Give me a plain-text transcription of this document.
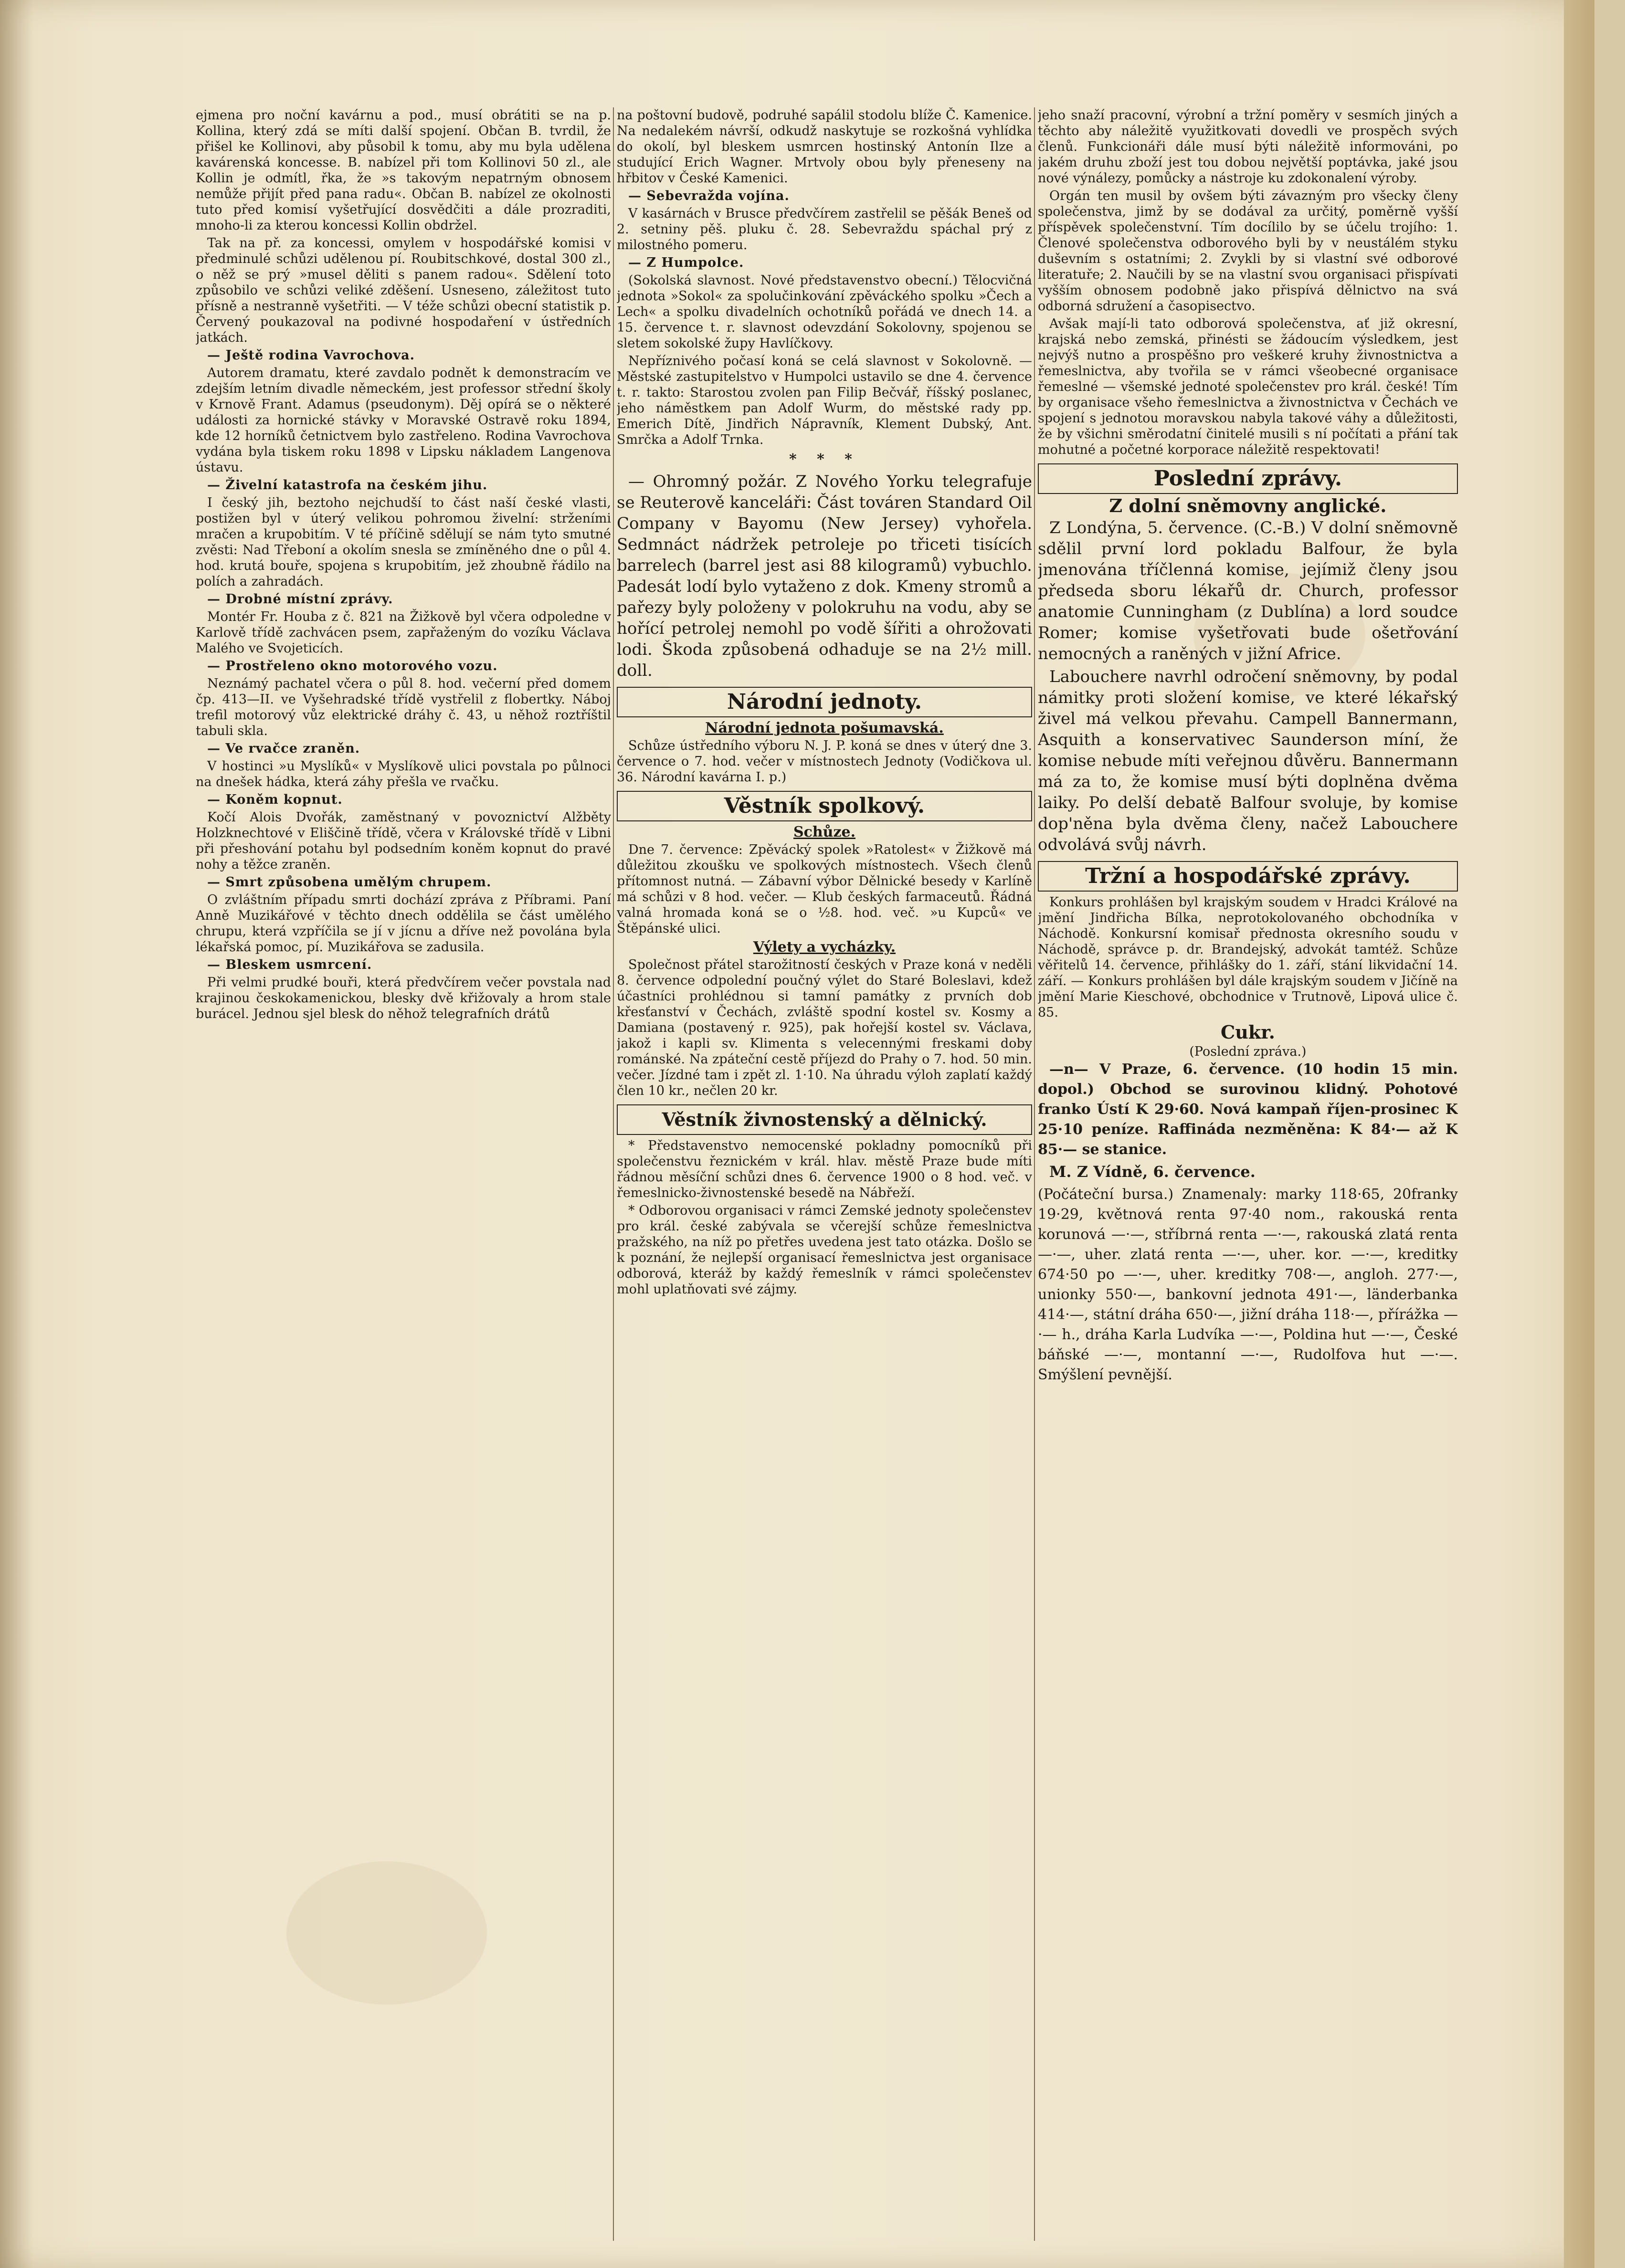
ejmena pro noční kavárnu a pod., musí obrátiti se na p. Kollina, který zdá se míti další spojení. Občan B. tvrdil, že přišel ke Kollinovi, aby působil k tomu, aby mu byla udělena kavárenská koncesse. B. nabízel při tom Kollinovi 50 zl., ale Kollin je odmítl, řka, že »s takovým nepatrným obnosem nemůže přijít před pana radu«. Občan B. nabízel ze okolnosti tuto před komisí vyšetřující dosvědčiti a dále prozraditi, mnoho-li za kterou koncessi Kollin obdržel.

Tak na př. za koncessi, omylem v hospodářské komisi v předminulé schůzi udělenou pí. Roubitschkové, dostal 300 zl., o něž se prý »musel děliti s panem radou«. Sdělení toto způsobilo ve schůzi veliké zděšení. Usneseno, záležitost tuto přísně a nestranně vyšetřiti. — V téže schůzi obecní statistik p. Červený poukazoval na podivné hospodaření v ústředních jatkách.

— Ještě rodina Vavrochova.

Autorem dramatu, které zavdalo podnět k demonstracím ve zdejším letním divadle německém, jest professor střední školy v Krnově Frant. Adamus (pseudonym). Děj opírá se o některé události za hornické stávky v Moravské Ostravě roku 1894, kde 12 horníků četnictvem bylo zastřeleno. Rodina Vavrochova vydána byla tiskem roku 1898 v Lipsku nákladem Langenova ústavu.

— Živelní katastrofa na českém jihu.

I český jih, beztoho nejchudší to část naší české vlasti, postižen byl v úterý velikou pohromou živelní: strženími mračen a krupobitím. V té příčině sdělují se nám tyto smutné zvěsti: Nad Třeboní a okolím snesla se zmíněného dne o půl 4. hod. krutá bouře, spojena s krupobitím, jež zhoubně řádilo na polích a zahradách.

— Drobné místní zprávy.

Montér Fr. Houba z č. 821 na Žižkově byl včera odpoledne v Karlově třídě zachvácen psem, zapřaženým do vozíku Václava Malého ve Svojeticích.

— Prostřeleno okno motorového vozu.

Neznámý pachatel včera o půl 8. hod. večerní před domem čp. 413—II. ve Vyšehradské třídě vystřelil z flobertky. Náboj trefil motorový vůz elektrické dráhy č. 43, u něhož roztříštil tabuli skla.

— Ve rvačce zraněn.

V hostinci »u Myslíků« v Myslíkově ulici povstala po půlnoci na dnešek hádka, která záhy přešla ve rvačku.

— Koněm kopnut.

Kočí Alois Dvořák, zaměstnaný v povoznictví Alžběty Holzknechtové v Eliščině třídě, včera v Královské třídě v Libni při přeshování potahu byl podsedním koněm kopnut do pravé nohy a těžce zraněn.

— Smrt způsobena umělým chrupem.

O zvláštním případu smrti dochází zpráva z Příbrami. Paní Anně Muzikářové v těchto dnech oddělila se část umělého chrupu, která vzpříčila se jí v jícnu a dříve než povolána byla lékařská pomoc, pí. Muzikářova se zadusila.

— Bleskem usmrcení.

Při velmi prudké bouři, která předvčírem večer povstala nad krajinou českokamenickou, blesky dvě křižovaly a hrom stale burácel. Jednou sjel blesk do něhož telegrafních drátů

na poštovní budově, podruhé sapálil stodolu blíže Č. Kamenice. Na nedalekém návrší, odkudž naskytuje se rozkošná vyhlídka do okolí, byl bleskem usmrcen hostinský Antonín Ilze a studující Erich Wagner. Mrtvoly obou byly přeneseny na hřbitov v České Kamenici.

— Sebevražda vojína.

V kasárnách v Brusce předvčírem zastřelil se pěšák Beneš od 2. setniny pěš. pluku č. 28. Sebevraždu spáchal prý z milostného pomeru.

— Z Humpolce.

(Sokolská slavnost. Nové představenstvo obecní.) Tělocvičná jednota »Sokol« za spolučinkování zpěváckého spolku »Čech a Lech« a spolku divadelních ochotníků pořádá ve dnech 14. a 15. července t. r. slavnost odevzdání Sokolovny, spojenou se sletem sokolské župy Havlíčkovy.

Nepříznivého počasí koná se celá slavnost v Sokolovně. — Městské zastupitelstvo v Humpolci ustavilo se dne 4. července t. r. takto: Starostou zvolen pan Filip Bečvář, říšský poslanec, jeho náměstkem pan Adolf Wurm, do městské rady pp. Emerich Dítě, Jindřich Nápravník, Klement Dubský, Ant. Smrčka a Adolf Trnka.

* * *

— Ohromný požár. Z Nového Yorku telegrafuje se Reuterově kanceláři: Část továren Standard Oil Company v Bayomu (New Jersey) vyhořela. Sedmnáct nádržek petroleje po třiceti tisících barrelech (barrel jest asi 88 kilogramů) vybuchlo. Padesát lodí bylo vytaženo z dok. Kmeny stromů a pařezy byly položeny v polokruhu na vodu, aby se hořící petrolej nemohl po vodě šířiti a ohrožovati lodi. Škoda způsobená odhaduje se na 2½ mill. doll.

Národní jednoty.
Národní jednota pošumavská.

Schůze ústředního výboru N. J. P. koná se dnes v úterý dne 3. července o 7. hod. večer v místnostech Jednoty (Vodičkova ul. 36. Národní kavárna I. p.)

Věstník spolkový.
Schůze.

Dne 7. července: Zpěvácký spolek »Ratolest« v Žižkově má důležitou zkoušku ve spolkových místnostech. Všech členů přítomnost nutná. — Zábavní výbor Dělnické besedy v Karlíně má schůzi v 8 hod. večer. — Klub českých farmaceutů. Řádná valná hromada koná se o ½8. hod. več. »u Kupců« ve Štěpánské ulici.

Výlety a vycházky.

Společnost přátel starožitností českých v Praze koná v neděli 8. července odpolední poučný výlet do Staré Boleslavi, kdež účastníci prohlédnou si tamní památky z prvních dob křesťanství v Čechách, zvláště spodní kostel sv. Kosmy a Damiana (postavený r. 925), pak hořejší kostel sv. Václava, jakož i kapli sv. Klimenta s velecennými freskami doby románské. Na zpáteční cestě příjezd do Prahy o 7. hod. 50 min. večer. Jízdné tam i zpět zl. 1·10. Na úhradu výloh zaplatí každý člen 10 kr., nečlen 20 kr.

Věstník živnostenský a dělnický.

* Představenstvo nemocenské pokladny pomocníků při společenstvu řeznickém v král. hlav. městě Praze bude míti řádnou měsíční schůzi dnes 6. července 1900 o 8 hod. več. v řemeslnicko-živnostenské besedě na Nábřeží.

* Odborovou organisaci v rámci Zemské jednoty společenstev pro král. české zabývala se včerejší schůze řemeslnictva pražského, na níž po přetřes uvedena jest tato otázka. Došlo se k poznání, že nejlepší organisací řemeslnictva jest organisace odborová, kteráž by každý řemeslník v rámci společenstev mohl uplatňovati své zájmy.

jeho snaží pracovní, výrobní a tržní poměry v sesmích jiných a těchto aby náležitě využitkovati dovedli ve prospěch svých členů. Funkcionáři dále musí býti náležitě informováni, po jakém druhu zboží jest tou dobou největší poptávka, jaké jsou nové výnálezy, pomůcky a nástroje ku zdokonalení výroby.

Orgán ten musil by ovšem býti závazným pro všecky členy společenstva, jimž by se dodával za určitý, poměrně vyšší příspěvek společenstvní. Tím docílilo by se účelu trojího: 1. Členové společenstva odborového byli by v neustálém styku duševním s ostatními; 2. Zvykli by si vlastní své odborové literatuře; 2. Naučili by se na vlastní svou organisaci přispívati vyšším obnosem podobně jako přispívá dělnictvo na svá odborná sdružení a časopisectvo.

Avšak mají-li tato odborová společenstva, ať již okresní, krajská nebo zemská, přinésti se žádoucím výsledkem, jest nejvýš nutno a prospěšno pro veškeré kruhy živnostnictva a řemeslnictva, aby tvořila se v rámci všeobecné organisace řemeslné — všemské jednoté společenstev pro král. české! Tím by organisace všeho řemeslnictva a živnostnictva v Čechách ve spojení s jednotou moravskou nabyla takové váhy a důležitosti, že by všichni směrodatní činitelé musili s ní počítati a přání tak mohutné a početné korporace náležitě respektovati!

Poslední zprávy.
Z dolní sněmovny anglické.

Z Londýna, 5. července. (C.-B.) V dolní sněmovně sdělil první lord pokladu Balfour, že byla jmenována tříčlenná komise, jejímiž členy jsou předseda sboru lékařů dr. Church, professor anatomie Cunningham (z Dublína) a lord soudce Romer; komise vyšetřovati bude ošetřování nemocných a raněných v jižní Africe.

Labouchere navrhl odročení sněmovny, by podal námitky proti složení komise, ve které lékařský živel má velkou převahu. Campell Bannermann, Asquith a konservativec Saunderson míní, že komise nebude míti veřejnou důvěru. Bannermann má za to, že komise musí býti doplněna dvěma laiky. Po delší debatě Balfour svoluje, by komise dop'něna byla dvěma členy, načež Labouchere odvolává svůj návrh.

Tržní a hospodářské zprávy.

Konkurs prohlášen byl krajským soudem v Hradci Králové na jmění Jindřicha Bílka, neprotokolovaného obchodníka v Náchodě. Konkursní komisař přednosta okresního soudu v Náchodě, správce p. dr. Brandejský, advokát tamtéž. Schůze věřitelů 14. července, přihlášky do 1. září, stání likvidační 14. září. — Konkurs prohlášen byl dále krajským soudem v Jičíně na jmění Marie Kieschové, obchodnice v Trutnově, Lipová ulice č. 85.

Cukr.
(Poslední zpráva.)

—n— V Praze, 6. července. (10 hodin 15 min. dopol.) Obchod se surovinou klidný. Pohotové franko Ústí K 29·60. Nová kampaň říjen-prosinec K 25·10 peníze. Raffináda nezměněna: K 84·— až K 85·— se stanice.

M. Z Vídně, 6. července.

(Počáteční bursa.) Znamenaly: marky 118·65, 20franky 19·29, květnová renta 97·40 nom., rakouská renta korunová —·—, stříbrná renta —·—, rakouská zlatá renta —·—, uher. zlatá renta —·—, uher. kor. —·—, kreditky 674·50 po —·—, uher. kreditky 708·—, angloh. 277·—, unionky 550·—, bankovní jednota 491·—, länderbanka 414·—, státní dráha 650·—, jižní dráha 118·—, přírážka —·— h., dráha Karla Ludvíka —·—, Poldina hut —·—, České báňské —·—, montanní —·—, Rudolfova hut —·—. Smýšlení pevnější.
